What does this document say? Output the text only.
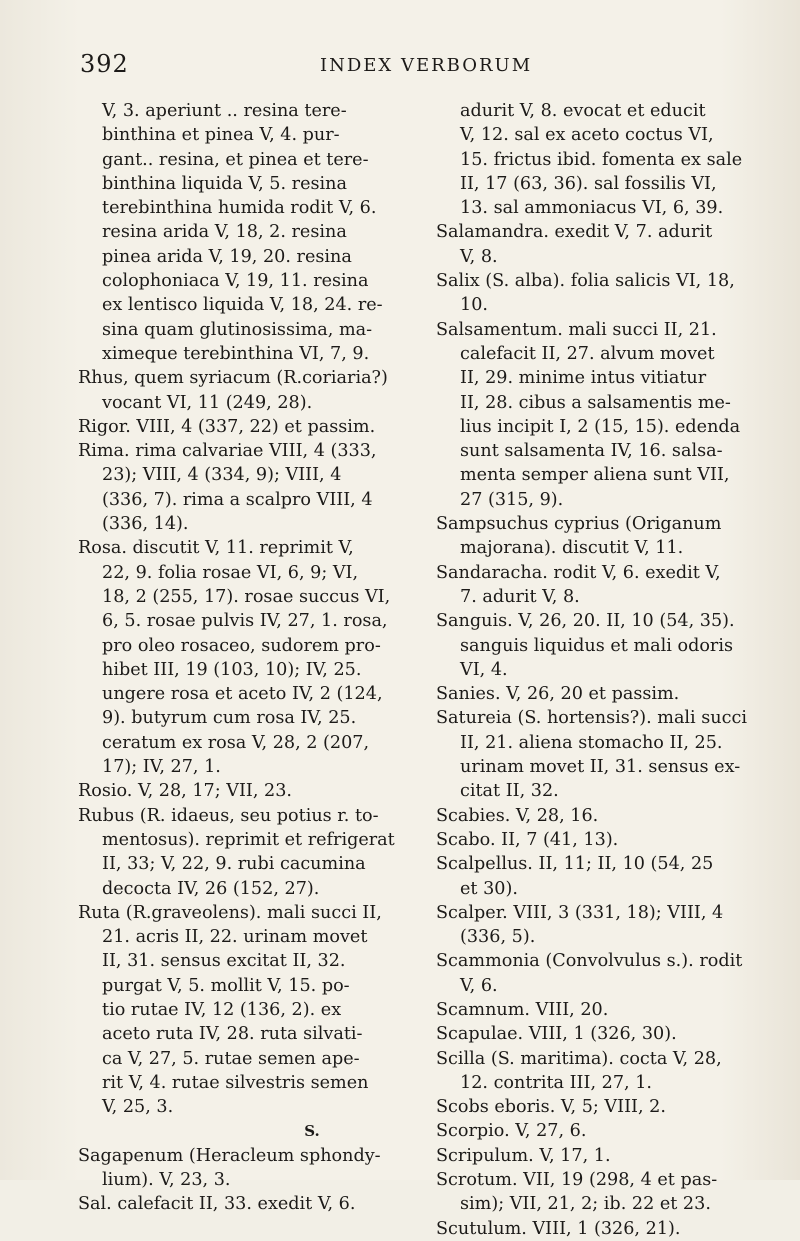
392	INDEX VERBORUM
V, 3. aperiunt .. resina tere-
binthina et pinea V, 4. pur-
gant.. resina, et pinea et tere-
binthina liquida V, 5. resina
terebinthina humida rodit V, 6.
resina arida V, 18, 2. resina
pinea arida V, 19, 20. resina
colophoniaca V, 19, 11. resina
ex lentisco liquida V, 18, 24. re-
sina quam glutinosissima, ma-
ximeque terebinthina VI, 7, 9.
Rhus, quem syriacum (R.coriaria?)
vocant VI, 11 (249, 28).
Rigor. VIII, 4 (337, 22) et passim.
Rima. rima calvariae VIII, 4 (333,
23); VIII, 4 (334, 9); VIII, 4
(336, 7). rima a scalpro VIII, 4
(336, 14).
Rosa. discutit V, 11. reprimit V,
22, 9. folia rosae VI, 6, 9; VI,
18, 2 (255, 17). rosae succus VI,
6, 5. rosae pulvis IV, 27, 1. rosa,
pro oleo rosaceo, sudorem pro-
hibet III, 19 (103, 10); IV, 25.
ungere rosa et aceto IV, 2 (124,
9). butyrum cum rosa IV, 25.
ceratum ex rosa V, 28, 2 (207,
17); IV, 27, 1.
Rosio. V, 28, 17; VII, 23.
Rubus (R. idaeus, seu potius r. to-
mentosus). reprimit et refrigerat
II, 33; V, 22, 9. rubi cacumina
decocta IV, 26 (152, 27).
Ruta (R.graveolens). mali succi II,
21. acris II, 22. urinam movet
II, 31. sensus excitat II, 32.
purgat V, 5. mollit V, 15. po-
tio rutae IV, 12 (136, 2). ex
aceto ruta IV, 28. ruta silvati-
ca V, 27, 5. rutae semen ape-
rit V, 4. rutae silvestris semen
V, 25, 3.
S.
Sagapenum (Heracleum sphondy-
lium). V, 23, 3.
Sal. calefacit II, 33. exedit V, 6.
adurit V, 8. evocat et educit
V, 12. sal ex aceto coctus VI,
15. frictus ibid. fomenta ex sale
II, 17 (63, 36). sal fossilis VI,
13. sal ammoniacus VI, 6, 39.
Salamandra. exedit V, 7. adurit
V, 8.
Salix (S. alba). folia salicis VI, 18,
10.
Salsamentum. mali succi II, 21.
calefacit II, 27. alvum movet
II, 29. minime intus vitiatur
II, 28. cibus a salsamentis me-
lius incipit I, 2 (15, 15). edenda
sunt salsamenta IV, 16. salsa-
menta semper aliena sunt VII,
27 (315, 9).
Sampsuchus cyprius (Origanum
majorana). discutit V, 11.
Sandaracha. rodit V, 6. exedit V,
7. adurit V, 8.
Sanguis. V, 26, 20. II, 10 (54, 35).
sanguis liquidus et mali odoris
VI, 4.
Sanies. V, 26, 20 et passim.
Satureia (S. hortensis?). mali succi
II, 21. aliena stomacho II, 25.
urinam movet II, 31. sensus ex-
citat II, 32.
Scabies. V, 28, 16.
Scabo. II, 7 (41, 13).
Scalpellus. II, 11; II, 10 (54, 25
et 30).
Scalper. VIII, 3 (331, 18); VIII, 4
(336, 5).
Scammonia (Convolvulus s.). rodit
V, 6.
Scamnum. VIII, 20.
Scapulae. VIII, 1 (326, 30).
Scilla (S. maritima). cocta V, 28,
12. contrita III, 27, 1.
Scobs eboris. V, 5; VIII, 2.
Scorpio. V, 27, 6.
Scripulum. V, 17, 1.
Scrotum. VII, 19 (298, 4 et pas-
sim); VII, 21, 2; ib. 22 et 23.
Scutulum. VIII, 1 (326, 21).
